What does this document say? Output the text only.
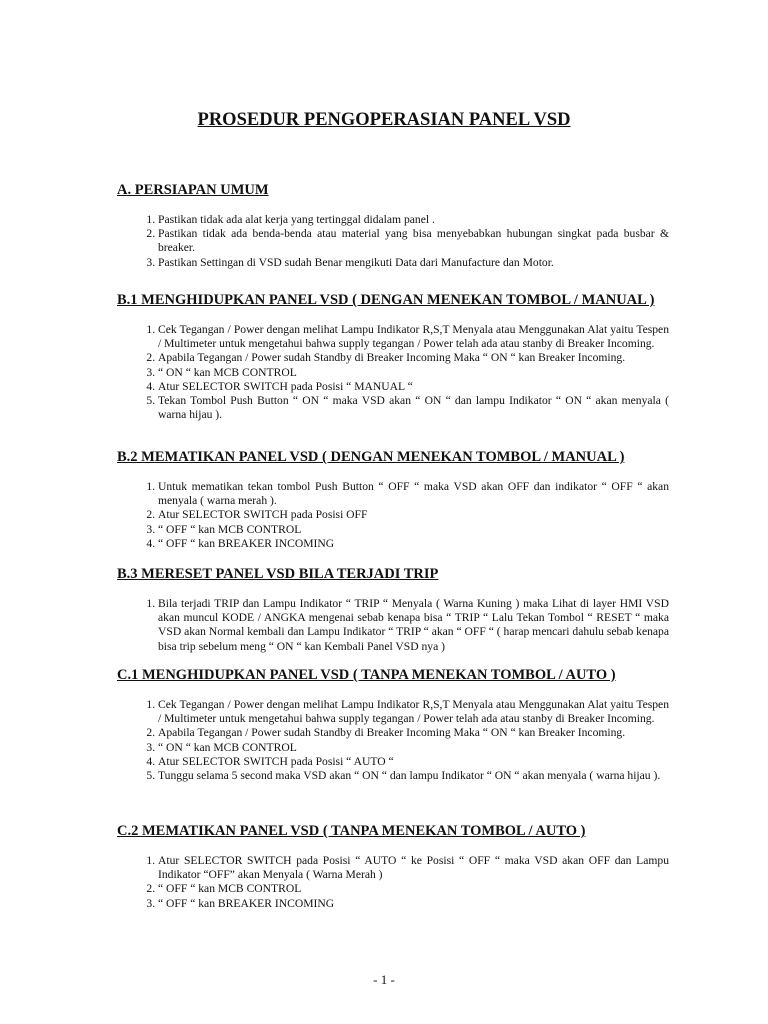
PROSEDUR PENGOPERASIAN PANEL VSD
A. PERSIAPAN UMUM
1. Pastikan tidak ada alat kerja yang tertinggal didalam panel .
2. Pastikan tidak ada benda-benda atau material yang bisa menyebabkan hubungan singkat pada busbar & breaker.
3. Pastikan Settingan di VSD sudah Benar mengikuti Data dari Manufacture dan Motor.
B.1 MENGHIDUPKAN PANEL VSD ( DENGAN MENEKAN TOMBOL / MANUAL )
1. Cek Tegangan / Power dengan melihat Lampu Indikator R,S,T Menyala atau Menggunakan Alat yaitu Tespen / Multimeter untuk mengetahui bahwa supply tegangan / Power telah ada atau stanby di Breaker Incoming.
2. Apabila Tegangan / Power sudah Standby di Breaker Incoming Maka “ ON “ kan Breaker Incoming.
3. “ ON “ kan MCB CONTROL
4. Atur SELECTOR SWITCH pada Posisi “ MANUAL “
5. Tekan Tombol Push Button “ ON “ maka VSD akan “ ON “ dan lampu Indikator “ ON “ akan menyala ( warna hijau ).
B.2 MEMATIKAN PANEL VSD ( DENGAN MENEKAN TOMBOL / MANUAL )
1. Untuk mematikan tekan tombol Push Button “ OFF “ maka VSD akan OFF dan indikator “ OFF “ akan menyala ( warna merah ).
2. Atur SELECTOR SWITCH pada Posisi OFF
3. “ OFF “ kan MCB CONTROL
4. “ OFF “ kan BREAKER INCOMING
B.3 MERESET PANEL VSD BILA TERJADI TRIP
1. Bila terjadi TRIP dan Lampu Indikator “ TRIP “ Menyala ( Warna Kuning ) maka Lihat di layer HMI VSD akan muncul KODE / ANGKA mengenai sebab kenapa bisa “ TRIP “ Lalu Tekan Tombol “ RESET “ maka VSD akan Normal kembali dan Lampu Indikator “ TRIP “ akan “ OFF “ ( harap mencari dahulu sebab kenapa bisa trip sebelum meng “ ON “ kan Kembali Panel VSD nya )
C.1 MENGHIDUPKAN PANEL VSD ( TANPA MENEKAN TOMBOL / AUTO )
1. Cek Tegangan / Power dengan melihat Lampu Indikator R,S,T Menyala atau Menggunakan Alat yaitu Tespen / Multimeter untuk mengetahui bahwa supply tegangan / Power telah ada atau stanby di Breaker Incoming.
2. Apabila Tegangan / Power sudah Standby di Breaker Incoming Maka “ ON “ kan Breaker Incoming.
3. “ ON “ kan MCB CONTROL
4. Atur SELECTOR SWITCH pada Posisi “ AUTO “
5. Tunggu selama 5 second maka VSD akan “ ON “ dan lampu Indikator “ ON “ akan menyala ( warna hijau ).
C.2 MEMATIKAN PANEL VSD ( TANPA MENEKAN TOMBOL / AUTO )
1. Atur SELECTOR SWITCH pada Posisi “ AUTO “ ke Posisi “ OFF “ maka VSD akan OFF dan Lampu Indikator “OFF” akan Menyala ( Warna Merah )
2. “ OFF “ kan MCB CONTROL
3. “ OFF “ kan BREAKER INCOMING
- 1 -
